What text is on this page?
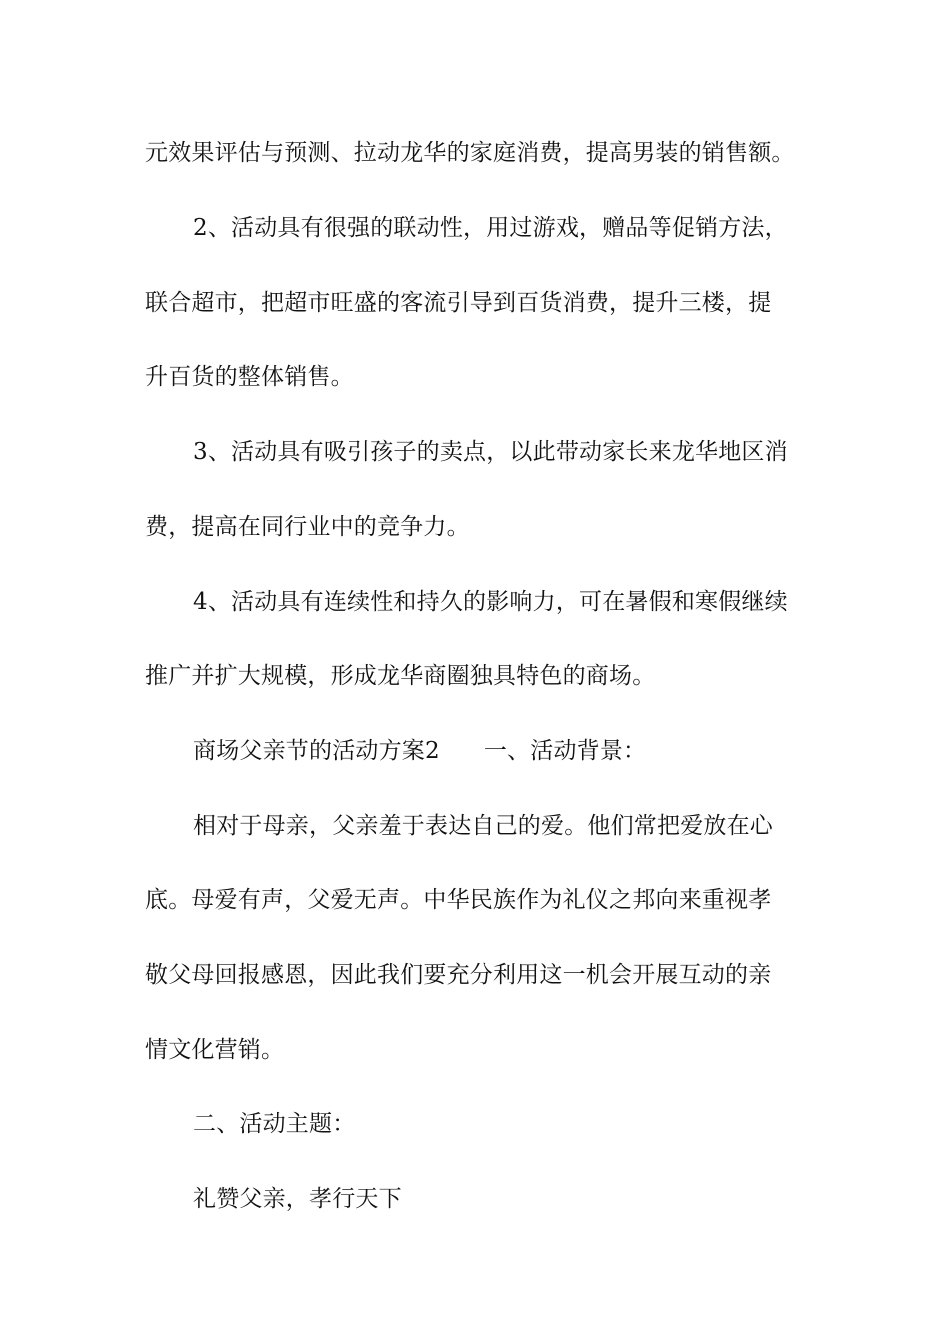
元效果评估与预测、拉动龙华的家庭消费，提高男装的销售额。
2、活动具有很强的联动性，用过游戏，赠品等促销方法，
联合超市，把超市旺盛的客流引导到百货消费，提升三楼，提
升百货的整体销售。
3、活动具有吸引孩子的卖点，以此带动家长来龙华地区消
费，提高在同行业中的竞争力。
4、活动具有连续性和持久的影响力，可在暑假和寒假继续
推广并扩大规模，形成龙华商圈独具特色的商场。
商场父亲节的活动方案2 一、活动背景：
相对于母亲，父亲羞于表达自己的爱。他们常把爱放在心
底。母爱有声，父爱无声。中华民族作为礼仪之邦向来重视孝
敬父母回报感恩，因此我们要充分利用这一机会开展互动的亲
情文化营销。
二、活动主题：
礼赞父亲，孝行天下
